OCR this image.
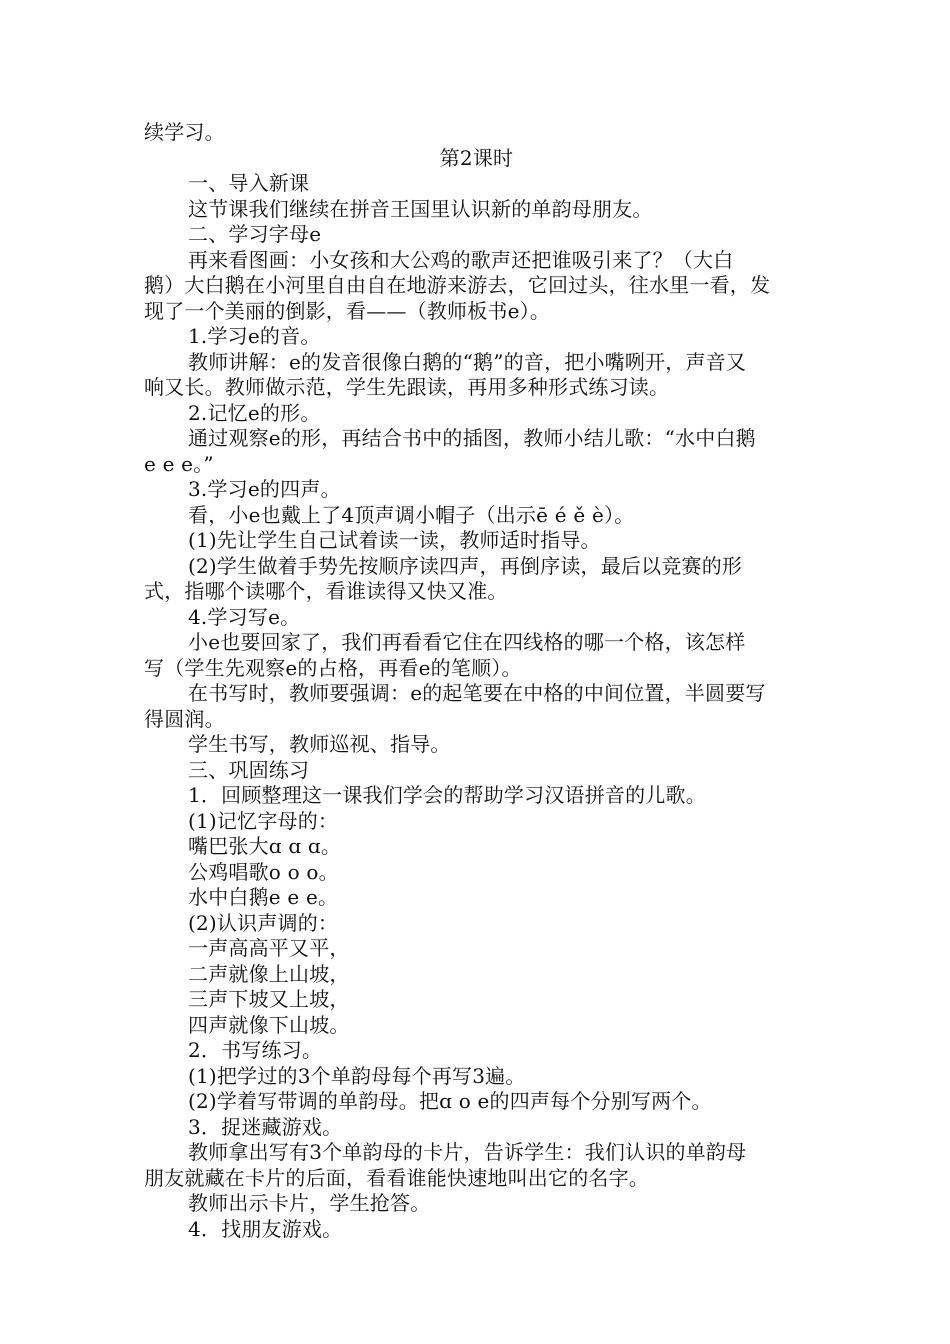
续学习。
第2课时
一、导入新课
这节课我们继续在拼音王国里认识新的单韵母朋友。
二、学习字母e
再来看图画：小女孩和大公鸡的歌声还把谁吸引来了？（大白
鹅）大白鹅在小河里自由自在地游来游去，它回过头，往水里一看，发
现了一个美丽的倒影，看——（教师板书e）。
1.学习e的音。
教师讲解：e的发音很像白鹅的“鹅”的音，把小嘴咧开，声音又
响又长。教师做示范，学生先跟读，再用多种形式练习读。
2.记忆e的形。
通过观察e的形，再结合书中的插图，教师小结儿歌：“水中白鹅
e e e。”
3.学习e的四声。
看，小e也戴上了4顶声调小帽子（出示ē é ě è）。
(1)先让学生自己试着读一读，教师适时指导。
(2)学生做着手势先按顺序读四声，再倒序读，最后以竞赛的形
式，指哪个读哪个，看谁读得又快又准。
4.学习写e。
小e也要回家了，我们再看看它住在四线格的哪一个格，该怎样
写（学生先观察e的占格，再看e的笔顺）。
在书写时，教师要强调：e的起笔要在中格的中间位置，半圆要写
得圆润。
学生书写，教师巡视、指导。
三、巩固练习
1．回顾整理这一课我们学会的帮助学习汉语拼音的儿歌。
(1)记忆字母的：
嘴巴张大ɑ ɑ ɑ。
公鸡唱歌o o o。
水中白鹅e e e。
(2)认识声调的：
一声高高平又平，
二声就像上山坡，
三声下坡又上坡，
四声就像下山坡。
2．书写练习。
(1)把学过的3个单韵母每个再写3遍。
(2)学着写带调的单韵母。把ɑ o e的四声每个分别写两个。
3．捉迷藏游戏。
教师拿出写有3个单韵母的卡片，告诉学生：我们认识的单韵母
朋友就藏在卡片的后面，看看谁能快速地叫出它的名字。
教师出示卡片，学生抢答。
4．找朋友游戏。
